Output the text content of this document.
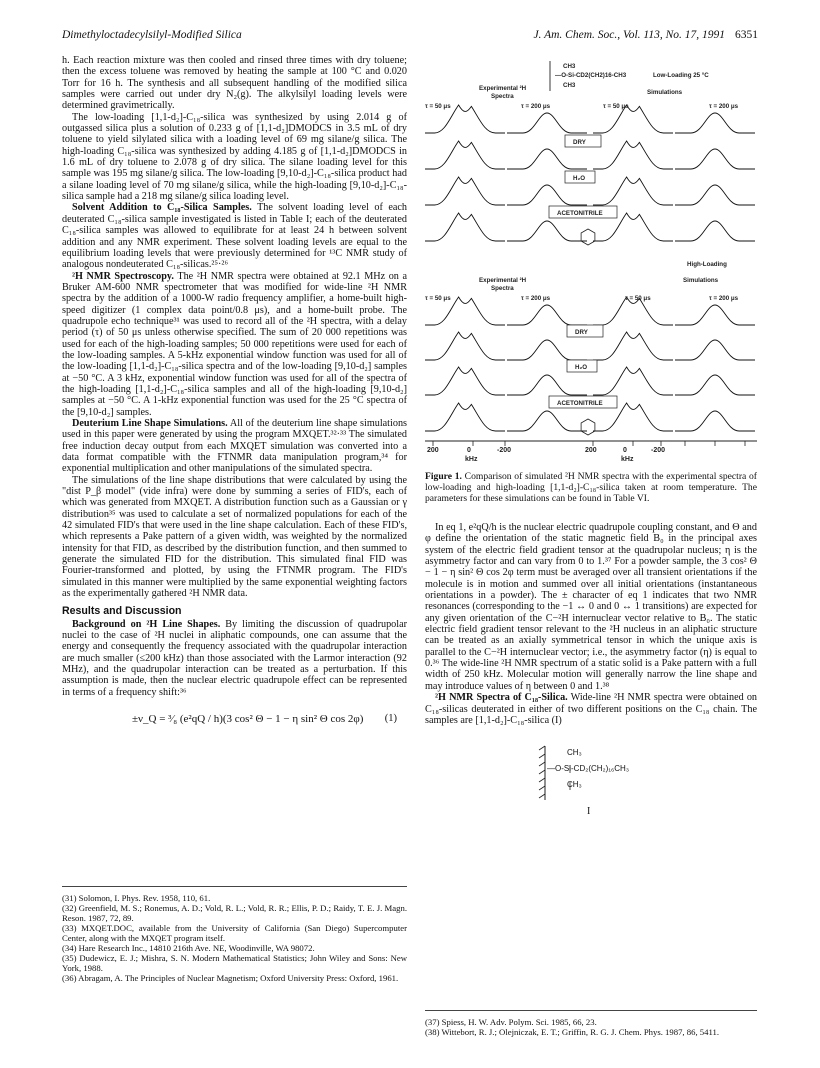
Dimethyloctadecylsilyl-Modified Silica	J. Am. Chem. Soc., Vol. 113, No. 17, 1991 6351

h. Each reaction mixture was then cooled and rinsed three times with dry toluene; then the excess toluene was removed by heating the sample at 100 °C and 0.020 Torr for 16 h. The synthesis and all subsequent handling of the modified silica samples were carried out under dry N₂(g). The alkylsilyl loading levels were determined gravimetrically.

The low-loading [1,1-d₂]-C₁₈-silica was synthesized by using 2.014 g of outgassed silica plus a solution of 0.233 g of [1,1-d₂]DMODCS in 3.5 mL of dry toluene to yield silylated silica with a loading level of 69 mg silane/g silica. The high-loading C₁₈-silica was synthesized by adding 4.185 g of [1,1-d₂]DMODCS in 1.6 mL of dry toluene to 2.078 g of dry silica. The silane loading level for this sample was 195 mg silane/g silica. The low-loading [9,10-d₂]-C₁₈-silica product had a silane loading level of 70 mg silane/g silica, while the high-loading [9,10-d₂]-C₁₈-silica sample had a 218 mg silane/g silica loading level.

Solvent Addition to C₁₈-Silica Samples. The solvent loading level of each deuterated C₁₈-silica sample investigated is listed in Table I; each of the deuterated C₁₈-silica samples was allowed to equilibrate for at least 24 h between solvent addition and any NMR experiment. These solvent loading levels are equal to the equilibrium loading levels that were previously determined for ¹³C NMR study of analogous nondeuterated C₁₈-silicas.²⁵·²⁶

²H NMR Spectroscopy. The ²H NMR spectra were obtained at 92.1 MHz on a Bruker AM-600 NMR spectrometer that was modified for wide-line ²H NMR spectra by the addition of a 1000-W radio frequency amplifier, a home-built high-speed digitizer (1 complex data point/0.8 μs), and a home-built probe. The quadrupole echo technique³¹ was used to record all of the ²H spectra, with a delay period (τ) of 50 μs unless otherwise specified. The sum of 20 000 repetitions was used for each of the high-loading samples; 50 000 repetitions were used for each of the low-loading samples. A 5-kHz exponential window function was used for all of the low-loading [1,1-d₂]-C₁₈-silica spectra and of the low-loading [9,10-d₂] samples at −50 °C. A 3 kHz, exponential window function was used for all of the spectra of the high-loading [1,1-d₂]-C₁₈-silica samples and all of the high-loading [9,10-d₂] samples at −50 °C. A 1-kHz exponential function was used for the 25 °C spectra of the [9,10-d₂] samples.

Deuterium Line Shape Simulations. All of the deuterium line shape simulations used in this paper were generated by using the program MXQET.³²·³³ The simulated free induction decay output from each MXQET simulation was converted into a data format compatible with the FTNMR data manipulation program,³⁴ for exponential multiplication and other manipulations of the simulated spectra.

The simulations of the line shape distributions that were calculated by using the "dist P_β model" (vide infra) were done by summing a series of FID's, each of which was generated from MXQET. A distribution function such as a Gaussian or γ distribution³⁵ was used to calculate a set of normalized populations for each of the 42 simulated FID's that were used in the line shape calculation. Each of these FID's, which represents a Pake pattern of a given width, was weighted by the normalized intensity for that FID, as described by the distribution function, and then summed to generate the simulated FID for the distribution. This simulated final FID was Fourier-transformed and plotted, by using the FTNMR program. The FID's simulated in this manner were multiplied by the same exponential weighting factors as the experimentally gathered ²H NMR data.

Results and Discussion

Background on ²H Line Shapes. By limiting the discussion of quadrupolar nuclei to the case of ²H nuclei in aliphatic compounds, one can assume that the energy and consequently the frequency associated with the quadrupolar interaction are much smaller (≤200 kHz) than those associated with the Larmor interaction (92 MHz), and the quadrupolar interaction can be treated as a perturbation. If this assumption is made, then the nuclear electric quadrupole effect can be represented in terms of a frequency shift:³⁶

±ν_Q = ³⁄₈ (e²qQ / h)(3 cos² Θ − 1 − η sin² Θ cos 2φ) (1)
(31) Solomon, I. Phys. Rev. 1958, 110, 61.
(32) Greenfield, M. S.; Ronemus, A. D.; Vold, R. L.; Vold, R. R.; Ellis, P. D.; Raidy, T. E. J. Magn. Reson. 1987, 72, 89.
(33) MXQET.DOC, available from the University of California (San Diego) Supercomputer Center, along with the MXQET program itself.
(34) Hare Research Inc., 14810 216th Ave. NE, Woodinville, WA 98072.
(35) Dudewicz, E. J.; Mishra, S. N. Modern Mathematical Statistics; John Wiley and Sons: New York, 1988.
(36) Abragam, A. The Principles of Nuclear Magnetism; Oxford University Press: Oxford, 1961.
CH3
—O-Si-CD2(CH2)16-CH3
CH3
Low-Loading 25 °C
Experimental ²H
Spectra
Simulations
τ = 50 μs	τ = 200 μs	τ = 50 μs	τ = 200 μs
DRY
H₂O
ACETONITRILE
High-Loading
Experimental ²H
Spectra
Simulations
τ = 50 μs	τ = 200 μs	τ = 50 μs	τ = 200 μs
DRY
H₂O
ACETONITRILE
200	0	-200
kHz
200	0	-200
kHz

Figure 1. Comparison of simulated ²H NMR spectra with the experimental spectra of low-loading and high-loading [1,1-d₂]-C₁₈-silica taken at room temperature. The parameters for these simulations can be found in Table VI.

In eq 1, e²qQ/h is the nuclear electric quadrupole coupling constant, and Θ and φ define the orientation of the static magnetic field B₀ in the principal axes system of the electric field gradient tensor at the quadrupolar nucleus; η is the asymmetry factor and can vary from 0 to 1.³⁷ For a powder sample, the 3 cos² Θ − 1 − η sin² Θ cos 2φ term must be averaged over all transient orientations if the molecule is in motion and summed over all initial orientations (instantaneous orientations in a powder). The ± character of eq 1 indicates that two NMR resonances (corresponding to the −1 ↔ 0 and 0 ↔ 1 transitions) are expected for any given orientation of the C−²H internuclear vector relative to B₀. The static electric field gradient tensor relevant to the ²H nucleus in an aliphatic structure can be treated as an axially symmetrical tensor in which the unique axis is parallel to the C−²H internuclear vector; i.e., the asymmetry factor (η) is equal to 0.³⁶ The wide-line ²H NMR spectrum of a static solid is a Pake pattern with a full width of 250 kHz. Molecular motion will generally narrow the line shape and may introduce values of η between 0 and 1.³⁸

²H NMR Spectra of C₁₈-Silica. Wide-line ²H NMR spectra were obtained on C₁₈-silicas deuterated in either of two different positions on the C₁₈ chain. The samples are [1,1-d₂]-C₁₈-silica (I)

CH₃
—O-Si-CD₂(CH₂)₁₆CH₃
CH₃
I
(37) Spiess, H. W. Adv. Polym. Sci. 1985, 66, 23.
(38) Wittebort, R. J.; Olejniczak, E. T.; Griffin, R. G. J. Chem. Phys. 1987, 86, 5411.
